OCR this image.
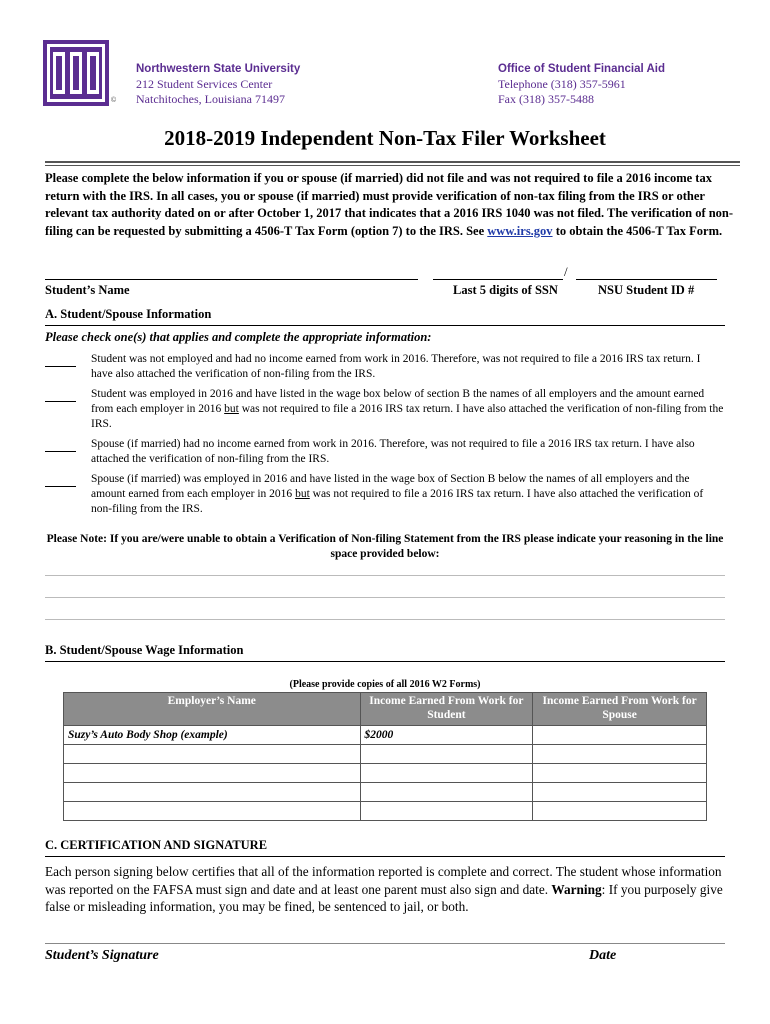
©
Northwestern State University
212 Student Services Center
Natchitoches, Louisiana 71497
Office of Student Financial Aid
Telephone (318) 357-5961
Fax (318) 357-5488
2018-2019 Independent Non-Tax Filer Worksheet
Please complete the below information if you or spouse (if married) did not file and was not required to file a 2016 income tax return with the IRS. In all cases, you or spouse (if married) must provide verification of non-tax filing from the IRS or other relevant tax authority dated on or after October 1, 2017 that indicates that a 2016 IRS 1040 was not filed. The verification of non-filing can be requested by submitting a 4506-T Tax Form (option 7) to the IRS. See www.irs.gov to obtain the 4506-T Tax Form.
/
Student’s Name	Last 5 digits of SSN	NSU Student ID #
A. Student/Spouse Information
Please check one(s) that applies and complete the appropriate information:
Student was not employed and had no income earned from work in 2016. Therefore, was not required to file a 2016 IRS tax return. I have also attached the verification of non-filing from the IRS.
Student was employed in 2016 and have listed in the wage box below of section B the names of all employers and the amount earned from each employer in 2016 but was not required to file a 2016 IRS tax return. I have also attached the verification of non-filing from the IRS.
Spouse (if married) had no income earned from work in 2016. Therefore, was not required to file a 2016 IRS tax return. I have also attached the verification of non-filing from the IRS.
Spouse (if married) was employed in 2016 and have listed in the wage box of Section B below the names of all employers and the amount earned from each employer in 2016 but was not required to file a 2016 IRS tax return. I have also attached the verification of non-filing from the IRS.
Please Note: If you are/were unable to obtain a Verification of Non-filing Statement from the IRS please indicate your reasoning in the line space provided below:
B. Student/Spouse Wage Information
(Please provide copies of all 2016 W2 Forms)
Employer’s Name	Income Earned From Work for Student	Income Earned From Work for Spouse
Suzy’s Auto Body Shop (example)	$2000	

C. CERTIFICATION AND SIGNATURE
Each person signing below certifies that all of the information reported is complete and correct. The student whose information was reported on the FAFSA must sign and date and at least one parent must also sign and date. Warning: If you purposely give false or misleading information, you may be fined, be sentenced to jail, or both.
Student’s Signature	Date
